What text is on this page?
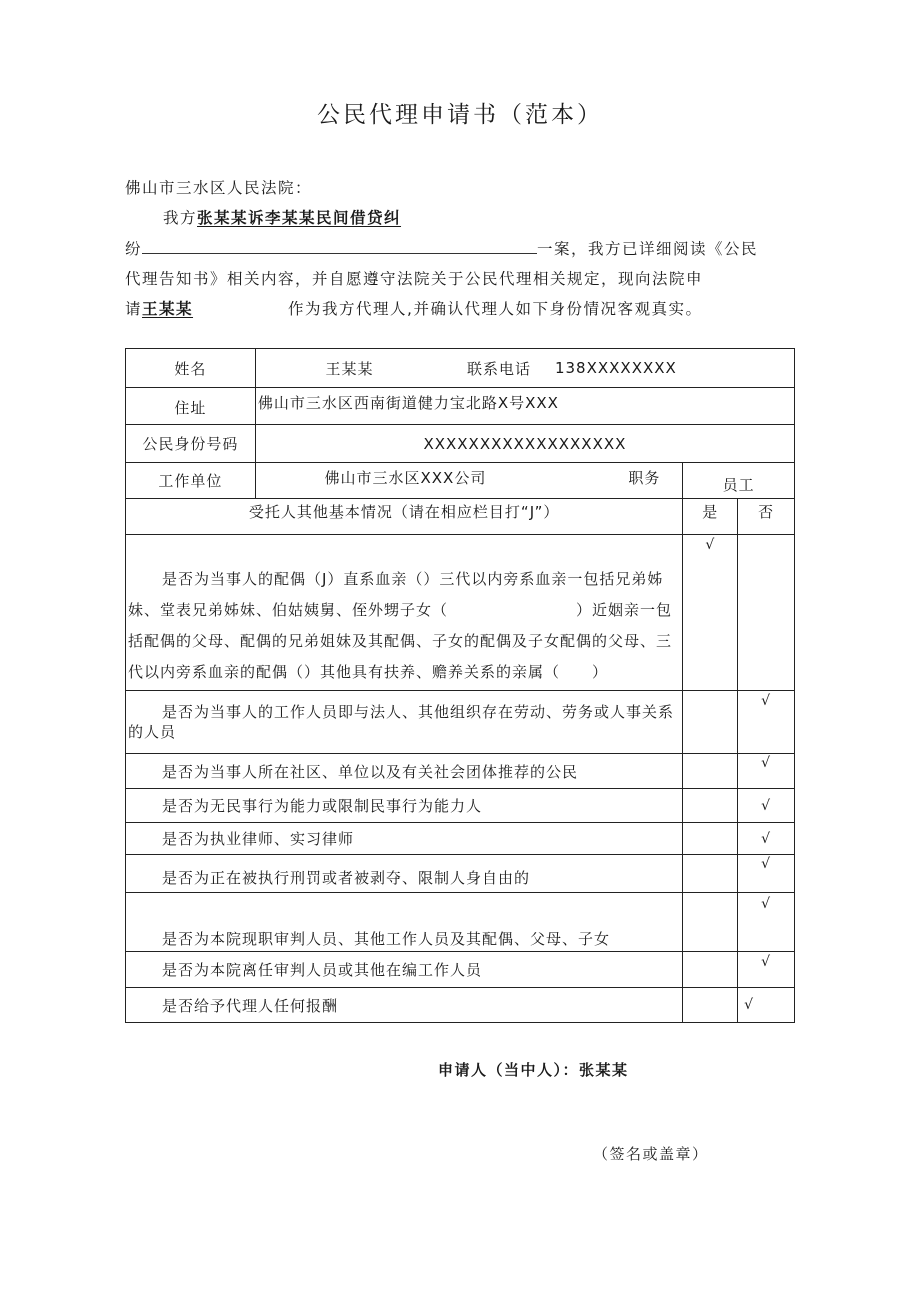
公民代理申请书（范本）
佛山市三水区人民法院：
我方张某某诉李某某民间借贷纠
纷	一案，我方已详细阅读《公民
代理告知书》相关内容，并自愿遵守法院关于公民代理相关规定，现向法院申
请王某某	作为我方代理人,并确认代理人如下身份情况客观真实。
姓名	王某某	联系电话	138XXXXXXXX		
住址	佛山市三水区西南街道健力宝北路X号XXX				
公民身份号码	XXXXXXXXXXXXXXXXXX				
工作单位	佛山市三水区XXX公司		职务	员工	
受托人其他基本情况（请在相应栏目打“J”）				是	否
是否为当事人的配偶（J）直系血亲（）三代以内旁系血亲一包括兄弟姊妹、堂表兄弟姊妹、伯姑姨舅、侄外甥子女（　　　　　　　　）近姻亲一包括配偶的父母、配偶的兄弟姐妹及其配偶、子女的配偶及子女配偶的父母、三代以内旁系血亲的配偶（）其他具有扶养、赡养关系的亲属（　　）				√	
是否为当事人的工作人员即与法人、其他组织存在劳动、劳务或人事关系的人员					√
是否为当事人所在社区、单位以及有关社会团体推荐的公民					√
是否为无民事行为能力或限制民事行为能力人					√
是否为执业律师、实习律师					√
是否为正在被执行刑罚或者被剥夺、限制人身自由的					√
是否为本院现职审判人员、其他工作人员及其配偶、父母、子女					√
是否为本院离任审判人员或其他在编工作人员					√
是否给予代理人任何报酬					√
申请人（当中人）：张某某
（签名或盖章）
